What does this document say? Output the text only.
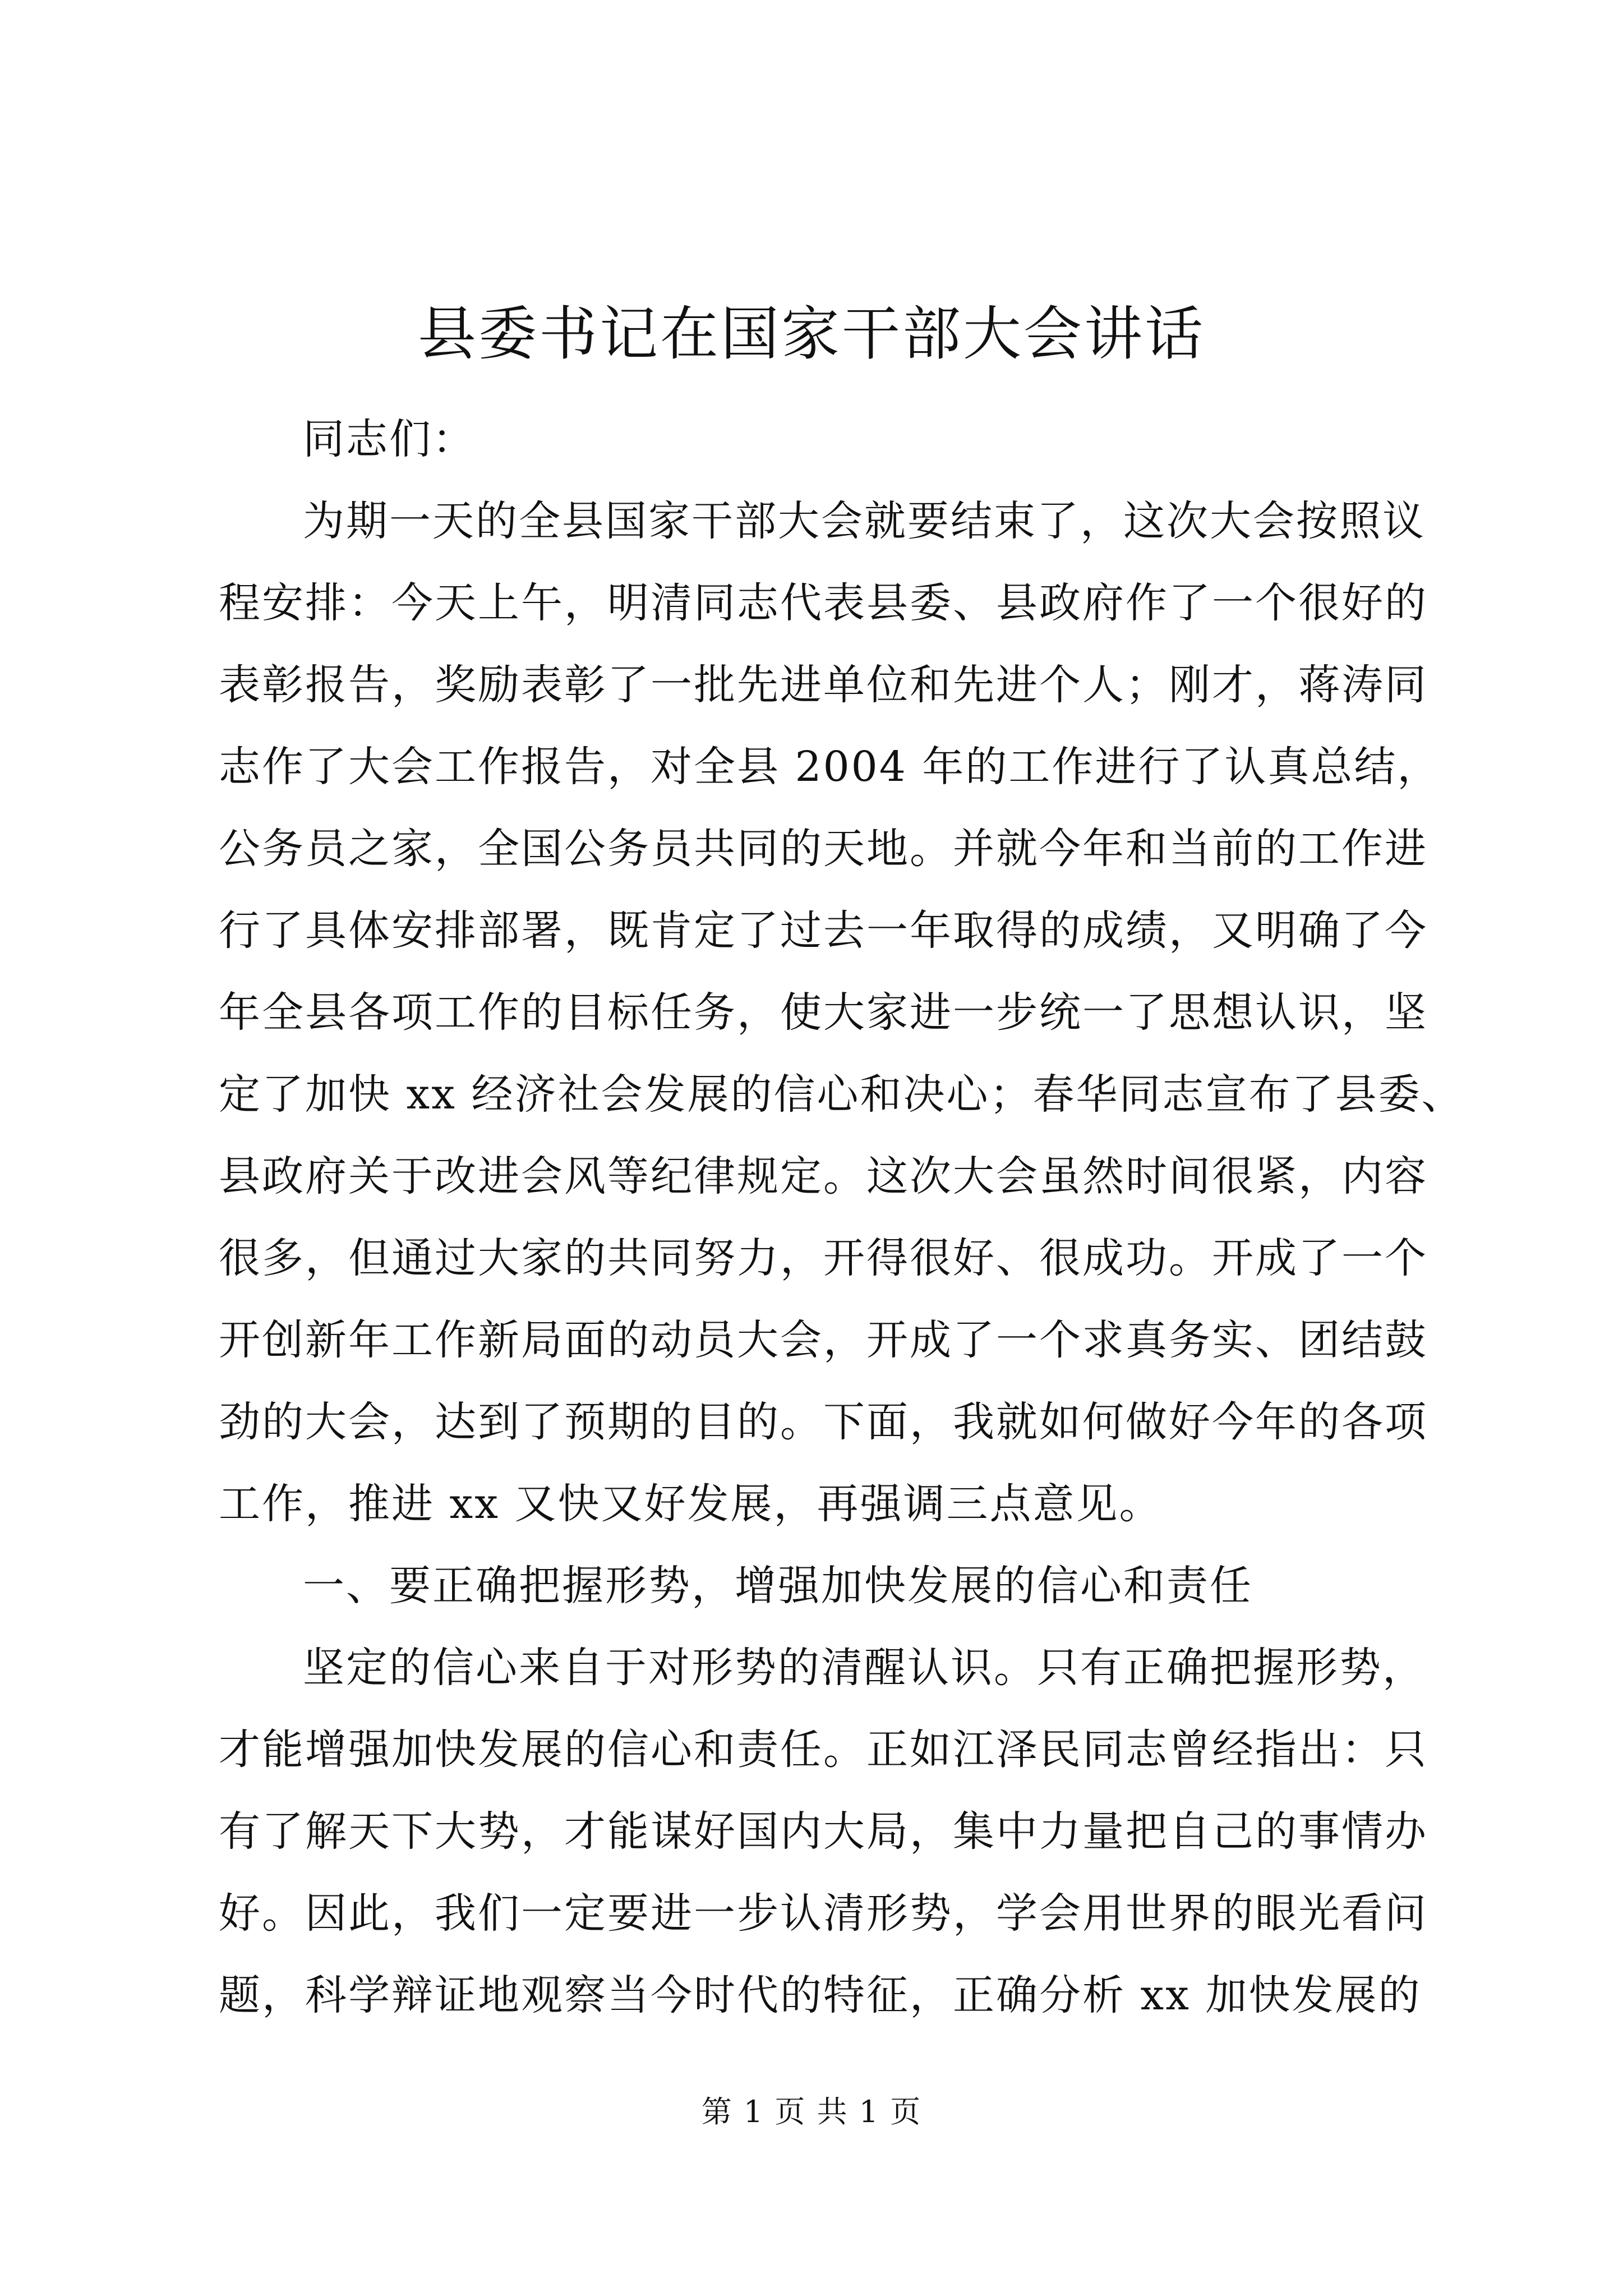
县委书记在国家干部大会讲话
同志们：
为期一天的全县国家干部大会就要结束了，这次大会按照议
程安排：今天上午，明清同志代表县委、县政府作了一个很好的
表彰报告，奖励表彰了一批先进单位和先进个人；刚才，蒋涛同
志作了大会工作报告，对全县 2004 年的工作进行了认真总结，
公务员之家，全国公务员共同的天地。并就今年和当前的工作进
行了具体安排部署，既肯定了过去一年取得的成绩，又明确了今
年全县各项工作的目标任务，使大家进一步统一了思想认识，坚
定了加快 xx 经济社会发展的信心和决心；春华同志宣布了县委、
县政府关于改进会风等纪律规定。这次大会虽然时间很紧，内容
很多，但通过大家的共同努力，开得很好、很成功。开成了一个
开创新年工作新局面的动员大会，开成了一个求真务实、团结鼓
劲的大会，达到了预期的目的。下面，我就如何做好今年的各项
工作，推进 xx 又快又好发展，再强调三点意见。
一、要正确把握形势，增强加快发展的信心和责任
坚定的信心来自于对形势的清醒认识。只有正确把握形势，
才能增强加快发展的信心和责任。正如江泽民同志曾经指出：只
有了解天下大势，才能谋好国内大局，集中力量把自己的事情办
好。因此，我们一定要进一步认清形势，学会用世界的眼光看问
题，科学辩证地观察当今时代的特征，正确分析 xx 加快发展的
第 1 页 共 1 页
